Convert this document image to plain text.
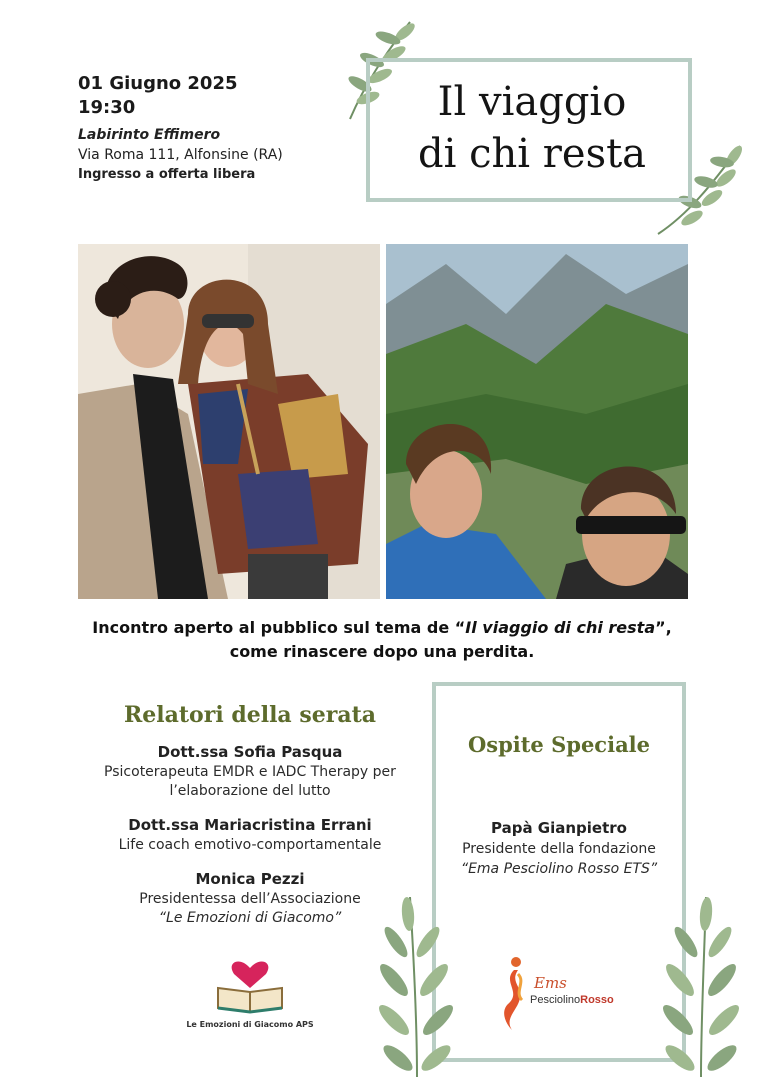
01 Giugno 2025
19:30
Labirinto Effimero
Via Roma 111, Alfonsine (RA)
Ingresso a offerta libera
Il viaggio
di chi resta
Incontro aperto al pubblico sul tema de “Il viaggio di chi resta”,
come rinascere dopo una perdita.
Relatori della serata
Dott.ssa Sofia Pasqua
Psicoterapeuta EMDR e IADC Therapy per
l’elaborazione del lutto
Dott.ssa Mariacristina Errani
Life coach emotivo-comportamentale
Monica Pezzi
Presidentessa dell’Associazione
“Le Emozioni di Giacomo”
Ospite Speciale
Papà Gianpietro
Presidente della fondazione
“Ema Pesciolino Rosso ETS”
Le Emozioni di Giacomo APS
Ems
PesciolinoRosso
